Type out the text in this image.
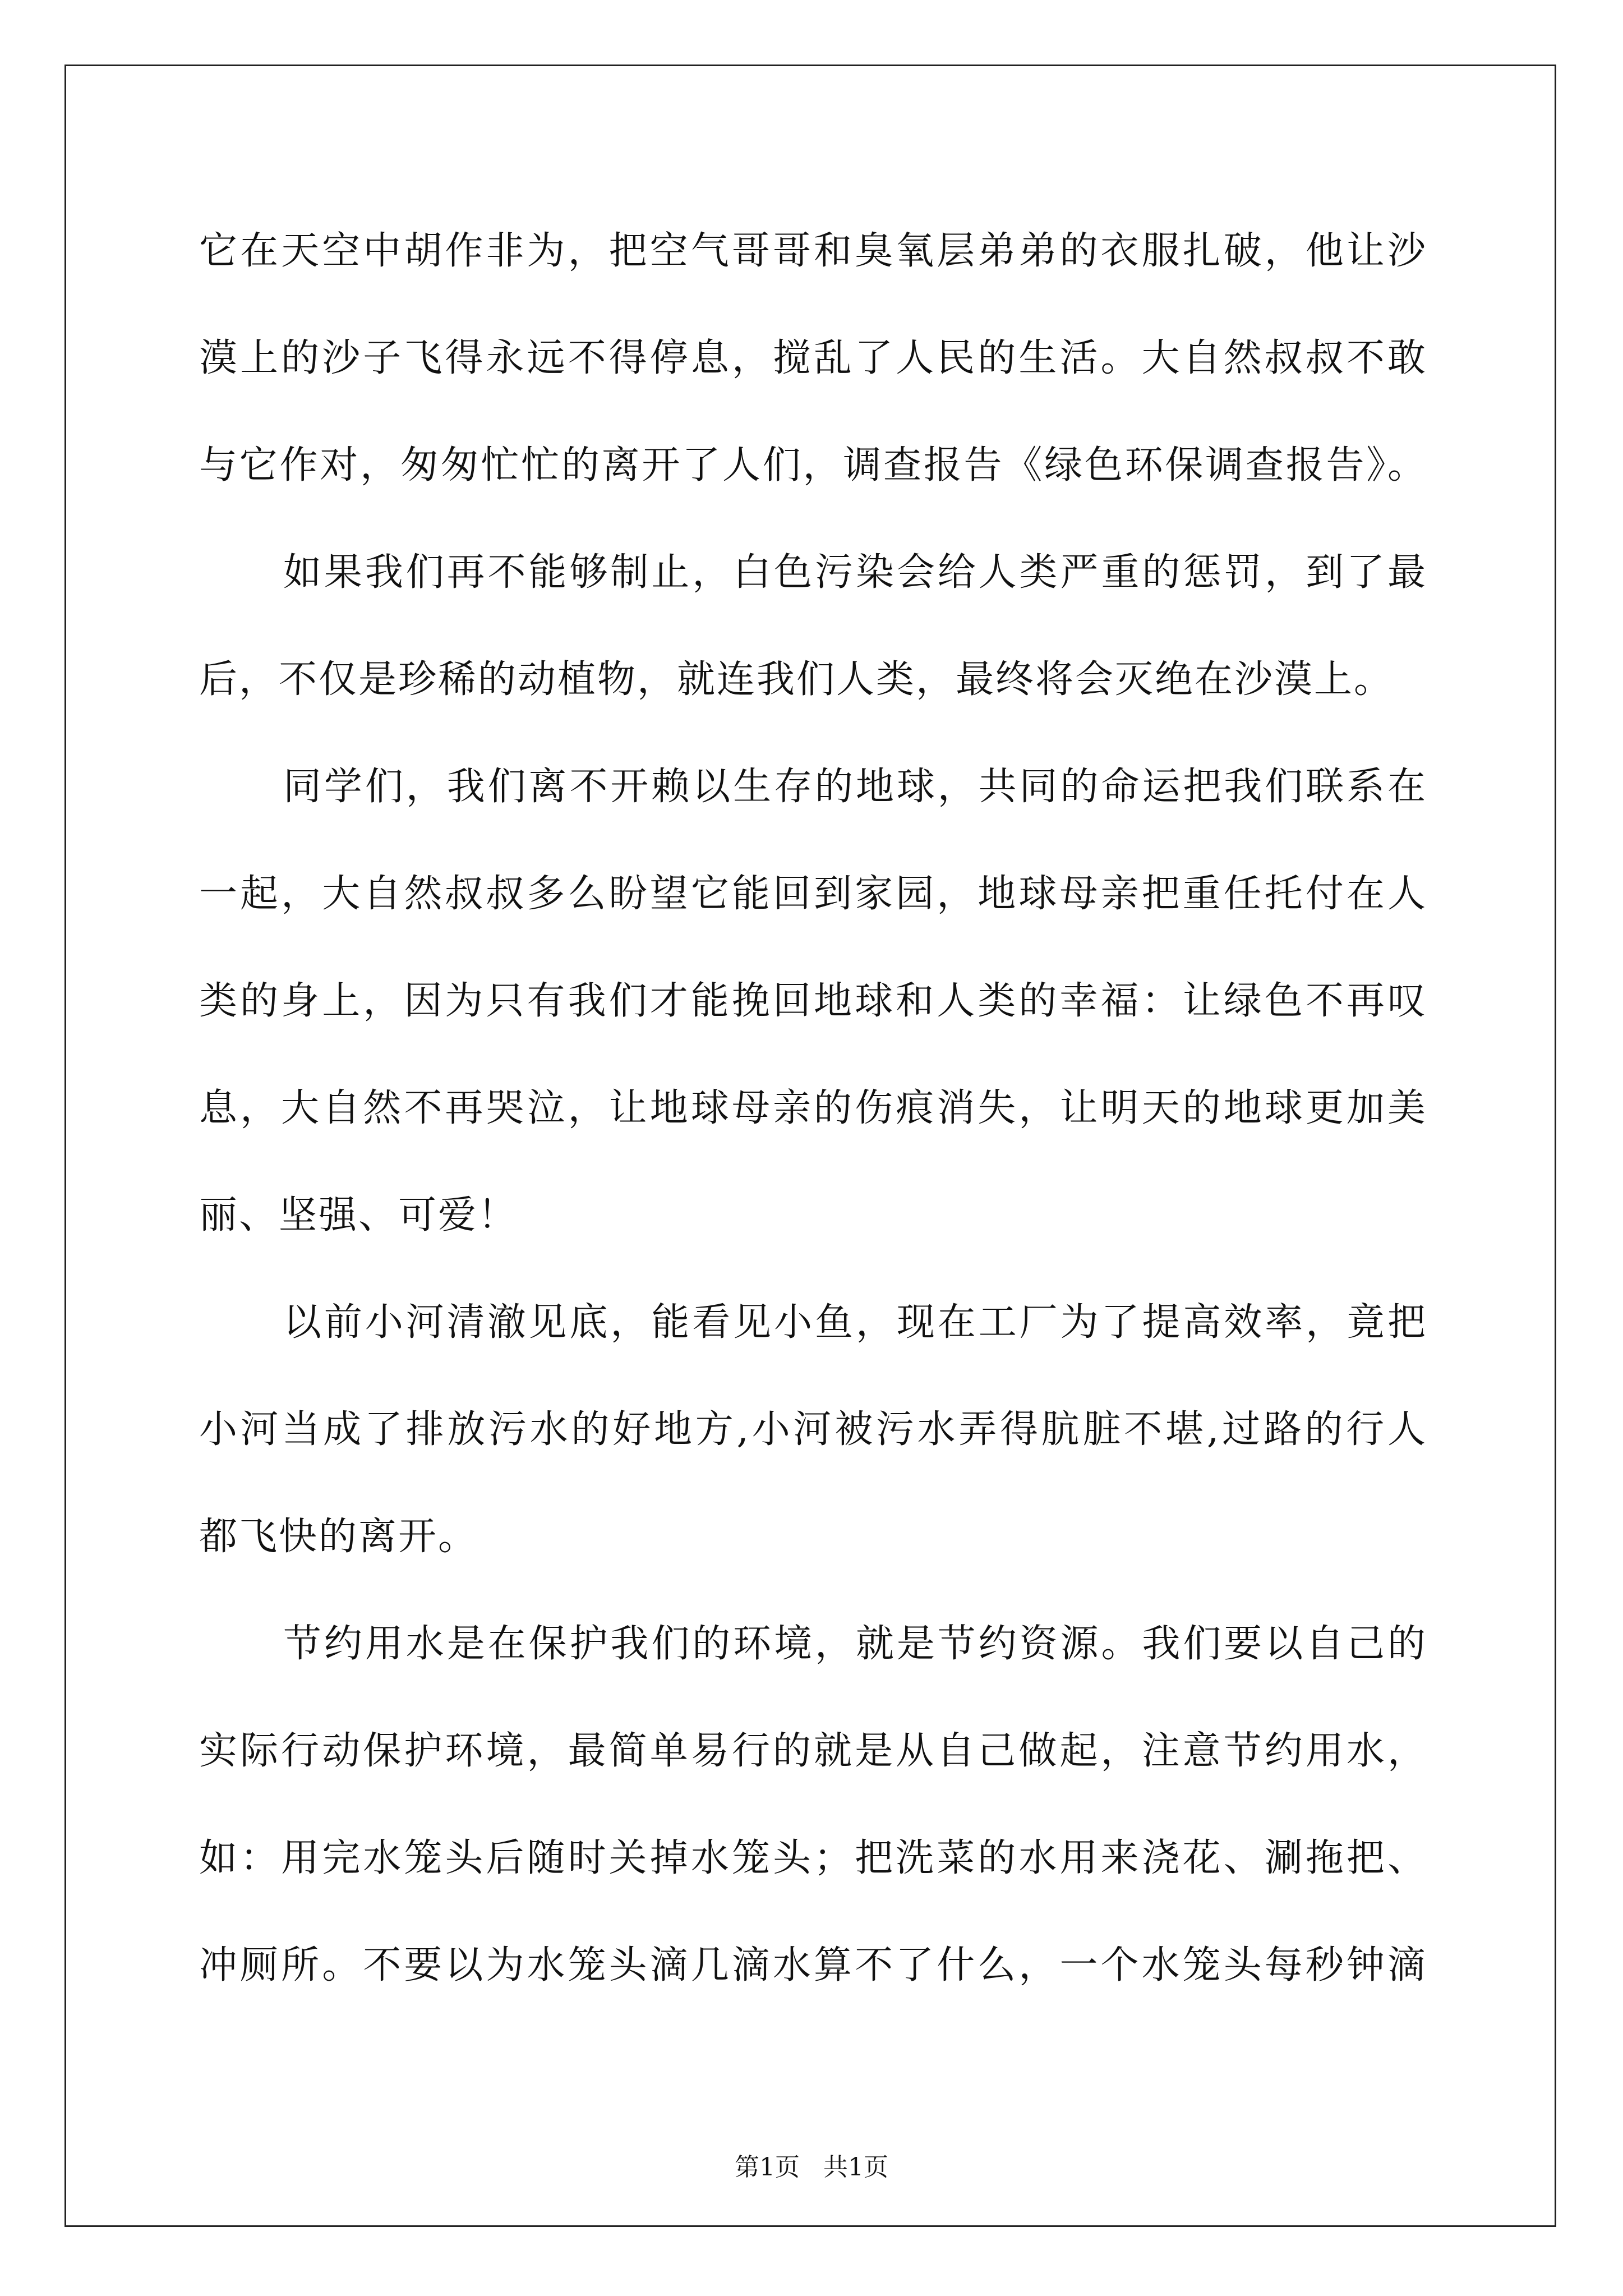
它在天空中胡作非为，把空气哥哥和臭氧层弟弟的衣服扎破，他让沙
漠上的沙子飞得永远不得停息，搅乱了人民的生活。大自然叔叔不敢
与它作对，匆匆忙忙的离开了人们，调查报告《绿色环保调查报告》。
如果我们再不能够制止，白色污染会给人类严重的惩罚，到了最
后，不仅是珍稀的动植物，就连我们人类，最终将会灭绝在沙漠上。
同学们，我们离不开赖以生存的地球，共同的命运把我们联系在
一起，大自然叔叔多么盼望它能回到家园，地球母亲把重任托付在人
类的身上，因为只有我们才能挽回地球和人类的幸福：让绿色不再叹
息，大自然不再哭泣，让地球母亲的伤痕消失，让明天的地球更加美
丽、坚强、可爱！
以前小河清澈见底，能看见小鱼，现在工厂为了提高效率，竟把
小河当成了排放污水的好地方,小河被污水弄得肮脏不堪,过路的行人
都飞快的离开。
节约用水是在保护我们的环境，就是节约资源。我们要以自己的
实际行动保护环境，最简单易行的就是从自己做起，注意节约用水，
如：用完水笼头后随时关掉水笼头；把洗菜的水用来浇花、涮拖把、
冲厕所。不要以为水笼头滴几滴水算不了什么，一个水笼头每秒钟滴
第1页   共1页
